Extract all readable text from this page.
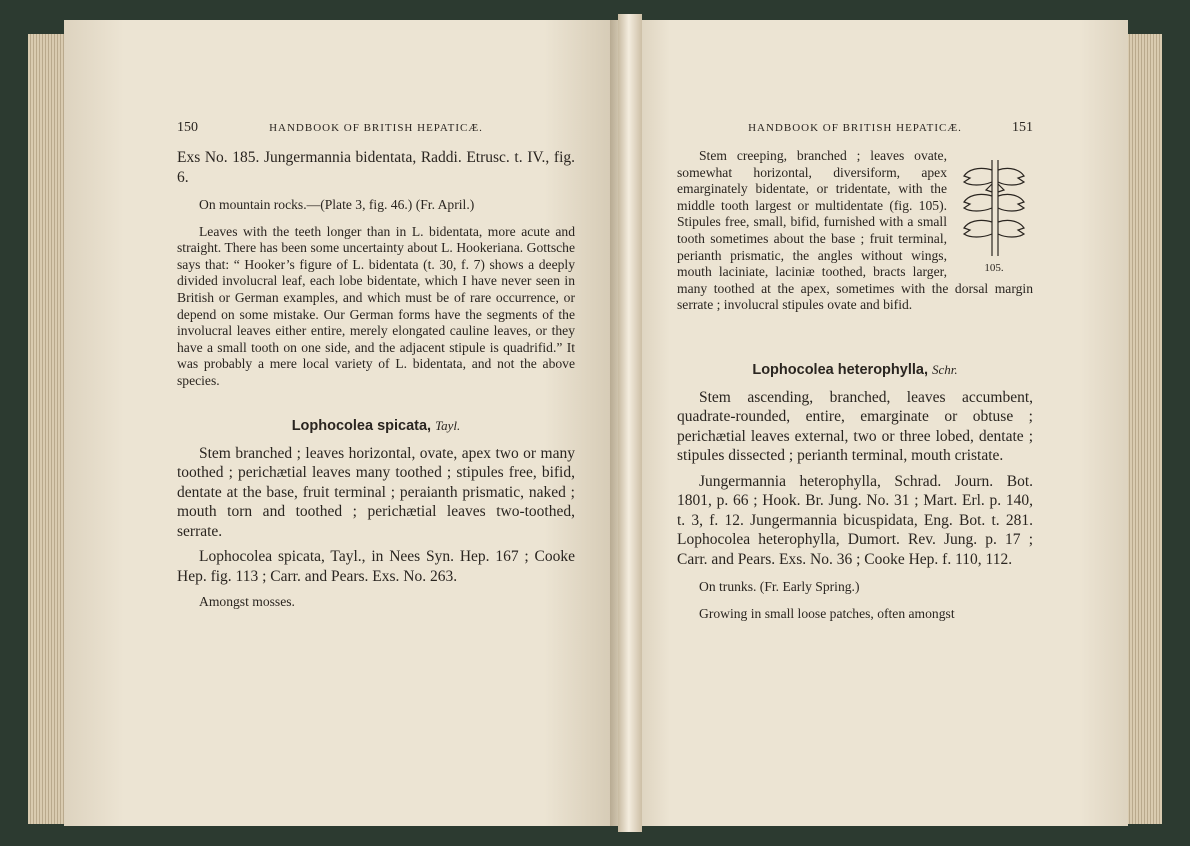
150	HANDBOOK OF BRITISH HEPATICÆ.

Exs No. 185. Jungermannia bidentata, Raddi. Etrusc. t. IV., fig. 6.

On mountain rocks.—(Plate 3, fig. 46.) (Fr. April.)

Leaves with the teeth longer than in L. bidentata, more acute and straight. There has been some uncertainty about L. Hookeriana. Gottsche says that: “ Hooker’s figure of L. bidentata (t. 30, f. 7) shows a deeply divided involucral leaf, each lobe bidentate, which I have never seen in British or German examples, and which must be of rare occurrence, or depend on some mistake. Our German forms have the segments of the involucral leaves either entire, merely elongated cauline leaves, or they have a small tooth on one side, and the adjacent stipule is quadrifid.” It was probably a mere local variety of L. bidentata, and not the above species.

Lophocolea spicata, Tayl.

Stem branched ; leaves horizontal, ovate, apex two or many toothed ; perichætial leaves many toothed ; stipules free, bifid, dentate at the base, fruit terminal ; peraianth prismatic, naked ; mouth torn and toothed ; perichætial leaves two-toothed, serrate.

Lophocolea spicata, Tayl., in Nees Syn. Hep. 167 ; Cooke Hep. fig. 113 ; Carr. and Pears. Exs. No. 263.

Amongst mosses.

HANDBOOK OF BRITISH HEPATICÆ.	151
105.

Stem creeping, branched ; leaves ovate, somewhat horizontal, diversiform, apex emarginately bidentate, or tridentate, with the middle tooth largest or multidentate (fig. 105). Stipules free, small, bifid, furnished with a small tooth sometimes about the base ; fruit terminal, perianth prismatic, the angles without wings, mouth laciniate, laciniæ toothed, bracts larger, many toothed at the apex, sometimes with the dorsal margin serrate ; involucral stipules ovate and bifid.

Lophocolea heterophylla, Schr.

Stem ascending, branched, leaves accumbent, quadrate-rounded, entire, emarginate or obtuse ; perichætial leaves external, two or three lobed, dentate ; stipules dissected ; perianth terminal, mouth cristate.

Jungermannia heterophylla, Schrad. Journ. Bot. 1801, p. 66 ; Hook. Br. Jung. No. 31 ; Mart. Erl. p. 140, t. 3, f. 12. Jungermannia bicuspidata, Eng. Bot. t. 281. Lophocolea heterophylla, Dumort. Rev. Jung. p. 17 ; Carr. and Pears. Exs. No. 36 ; Cooke Hep. f. 110, 112.

On trunks. (Fr. Early Spring.)

Growing in small loose patches, often amongst
